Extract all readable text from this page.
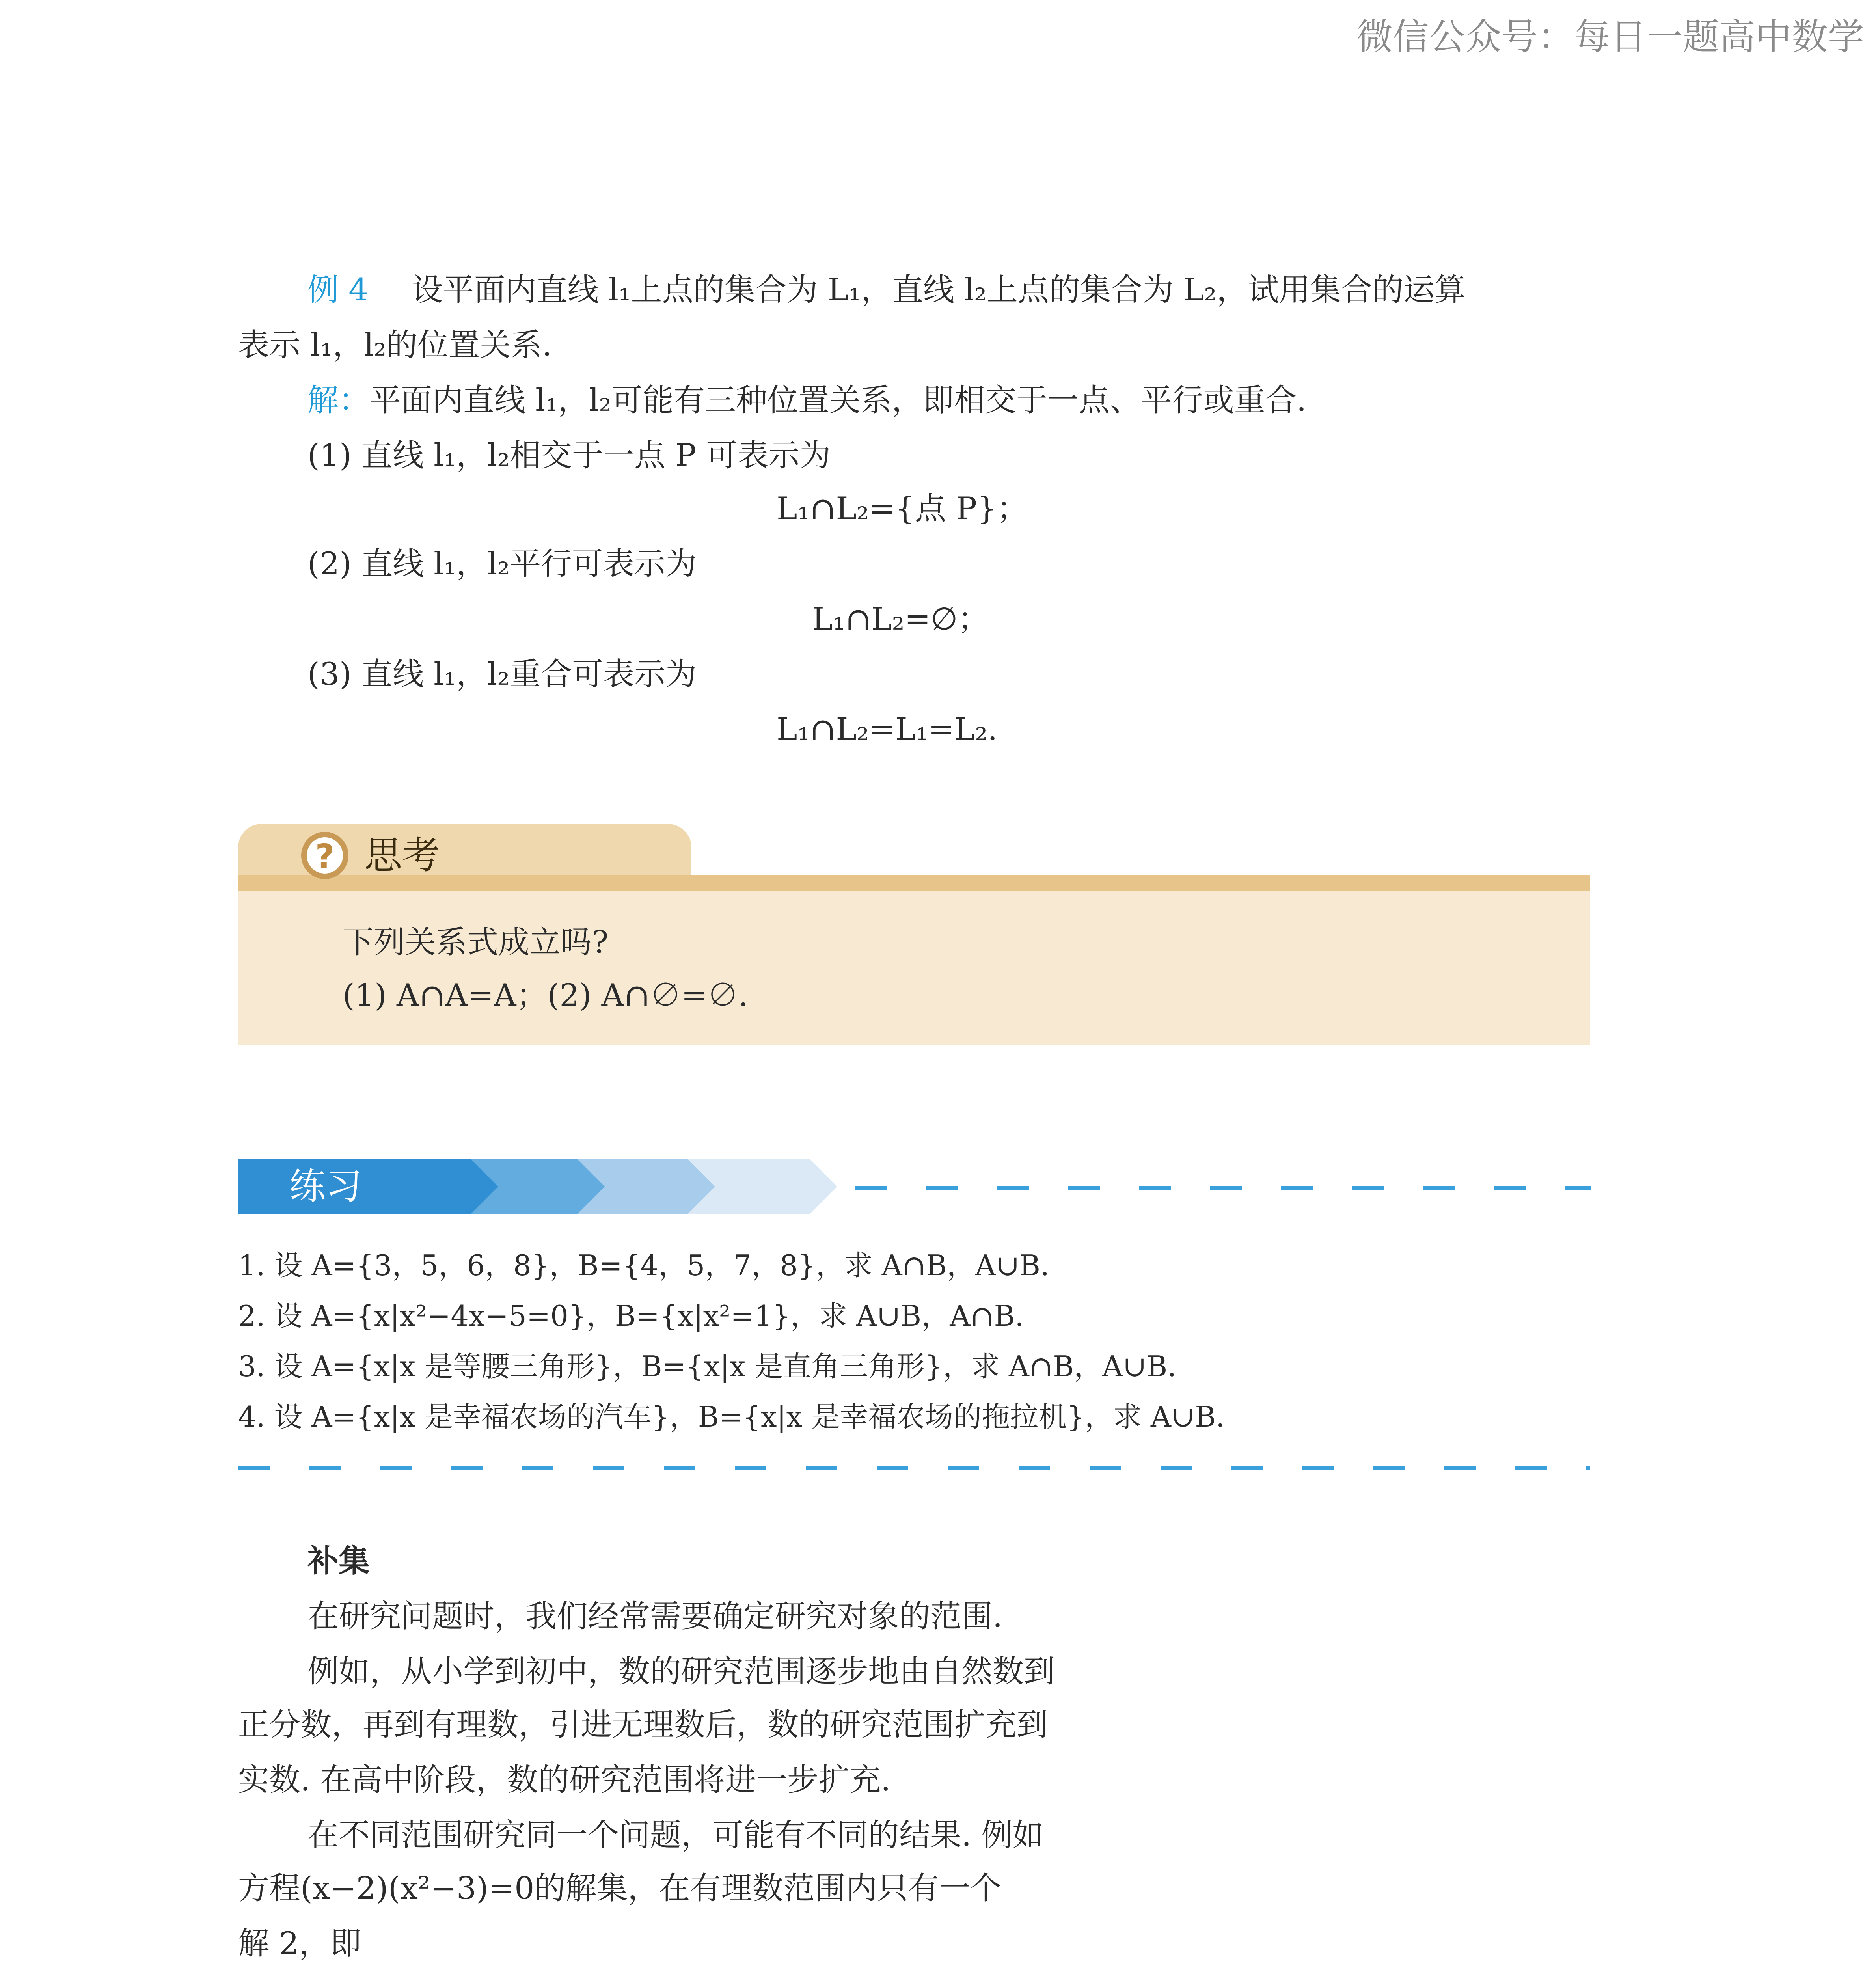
微信公众号：每日一题高中数学
例 4 设平面内直线 l₁上点的集合为 L₁，直线 l₂上点的集合为 L₂，试用集合的运算
表示 l₁，l₂的位置关系.
解：平面内直线 l₁，l₂可能有三种位置关系，即相交于一点、平行或重合.
(1) 直线 l₁，l₂相交于一点 P 可表示为
L₁∩L₂={点 P}；
(2) 直线 l₁，l₂平行可表示为
L₁∩L₂=∅；
(3) 直线 l₁，l₂重合可表示为
L₁∩L₂=L₁=L₂.
? 思考
下列关系式成立吗?
(1) A∩A=A；(2) A∩∅=∅.
练习
1. 设 A={3，5，6，8}，B={4，5，7，8}，求 A∩B，A∪B.
2. 设 A={x|x²−4x−5=0}，B={x|x²=1}，求 A∪B，A∩B.
3. 设 A={x|x 是等腰三角形}，B={x|x 是直角三角形}，求 A∩B，A∪B.
4. 设 A={x|x 是幸福农场的汽车}，B={x|x 是幸福农场的拖拉机}，求 A∪B.
补集
在研究问题时，我们经常需要确定研究对象的范围.
例如，从小学到初中，数的研究范围逐步地由自然数到
正分数，再到有理数，引进无理数后，数的研究范围扩充到
实数. 在高中阶段，数的研究范围将进一步扩充.
在不同范围研究同一个问题，可能有不同的结果. 例如
方程(x−2)(x²−3)=0的解集，在有理数范围内只有一个
解 2，即
